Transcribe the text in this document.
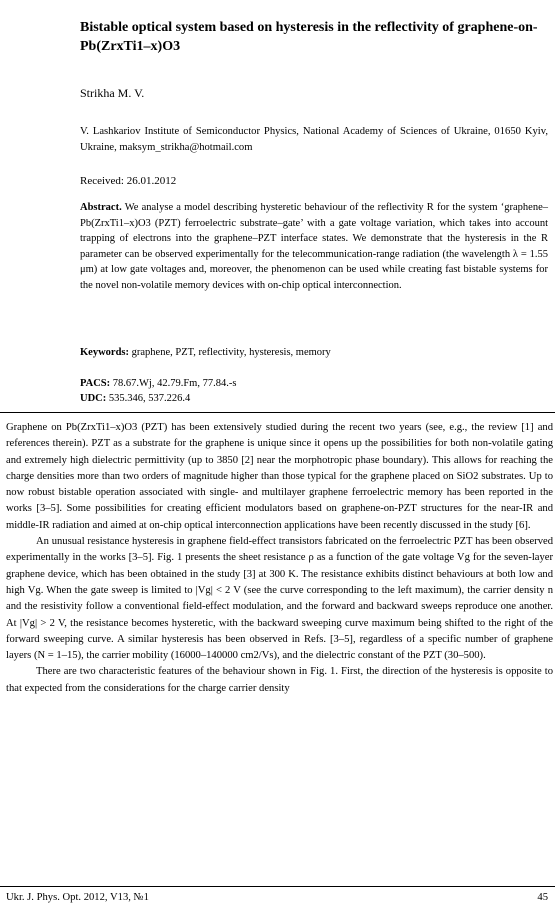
Bistable optical system based on hysteresis in the reflectivity of graphene-on-Pb(ZrxTi1–x)O3
Strikha M. V.
V. Lashkariov Institute of Semiconductor Physics, National Academy of Sciences of Ukraine, 01650 Kyiv, Ukraine, maksym_strikha@hotmail.com
Received: 26.01.2012
Abstract. We analyse a model describing hysteretic behaviour of the reflectivity R for the system ‘graphene–Pb(ZrxTi1–x)O3 (PZT) ferroelectric substrate–gate’ with a gate voltage variation, which takes into account trapping of electrons into the graphene–PZT interface states. We demonstrate that the hysteresis in the R parameter can be observed experimentally for the telecommunication-range radiation (the wavelength λ = 1.55 μm) at low gate voltages and, moreover, the phenomenon can be used while creating fast bistable systems for the novel non-volatile memory devices with on-chip optical interconnection.
Keywords: graphene, PZT, reflectivity, hysteresis, memory
PACS: 78.67.Wj, 42.79.Fm, 77.84.-s
UDC: 535.346, 537.226.4

Graphene on Pb(ZrxTi1–x)O3 (PZT) has been extensively studied during the recent two years (see, e.g., the review [1] and references therein). PZT as a substrate for the graphene is unique since it opens up the possibilities for both non-volatile gating and extremely high dielectric permittivity (up to 3850 [2] near the morphotropic phase boundary). This allows for reaching the charge densities more than two orders of magnitude higher than those typical for the graphene placed on SiO2 substrates. Up to now robust bistable operation associated with single- and multilayer graphene ferroelectric memory has been reported in the works [3–5]. Some possibilities for creating efficient modulators based on graphene-on-PZT structures for the near-IR and middle-IR radiation and aimed at on-chip optical interconnection applications have been recently discussed in the study [6].

An unusual resistance hysteresis in graphene field-effect transistors fabricated on the ferroelectric PZT has been observed experimentally in the works [3–5]. Fig. 1 presents the sheet resistance ρ as a function of the gate voltage Vg for the seven-layer graphene device, which has been obtained in the study [3] at 300 K. The resistance exhibits distinct behaviours at both low and high Vg. When the gate sweep is limited to |Vg| < 2 V (see the curve corresponding to the left maximum), the carrier density n and the resistivity follow a conventional field-effect modulation, and the forward and backward sweeps reproduce one another. At |Vg| > 2 V, the resistance becomes hysteretic, with the backward sweeping curve maximum being shifted to the right of the forward sweeping curve. A similar hysteresis has been observed in Refs. [3–5], regardless of a specific number of graphene layers (N = 1–15), the carrier mobility (16000–140000 cm2/Vs), and the dielectric constant of the PZT (30–500).

There are two characteristic features of the behaviour shown in Fig. 1. First, the direction of the hysteresis is opposite to that expected from the considerations for the charge carrier density

Ukr. J. Phys. Opt. 2012, V13, №1	45
